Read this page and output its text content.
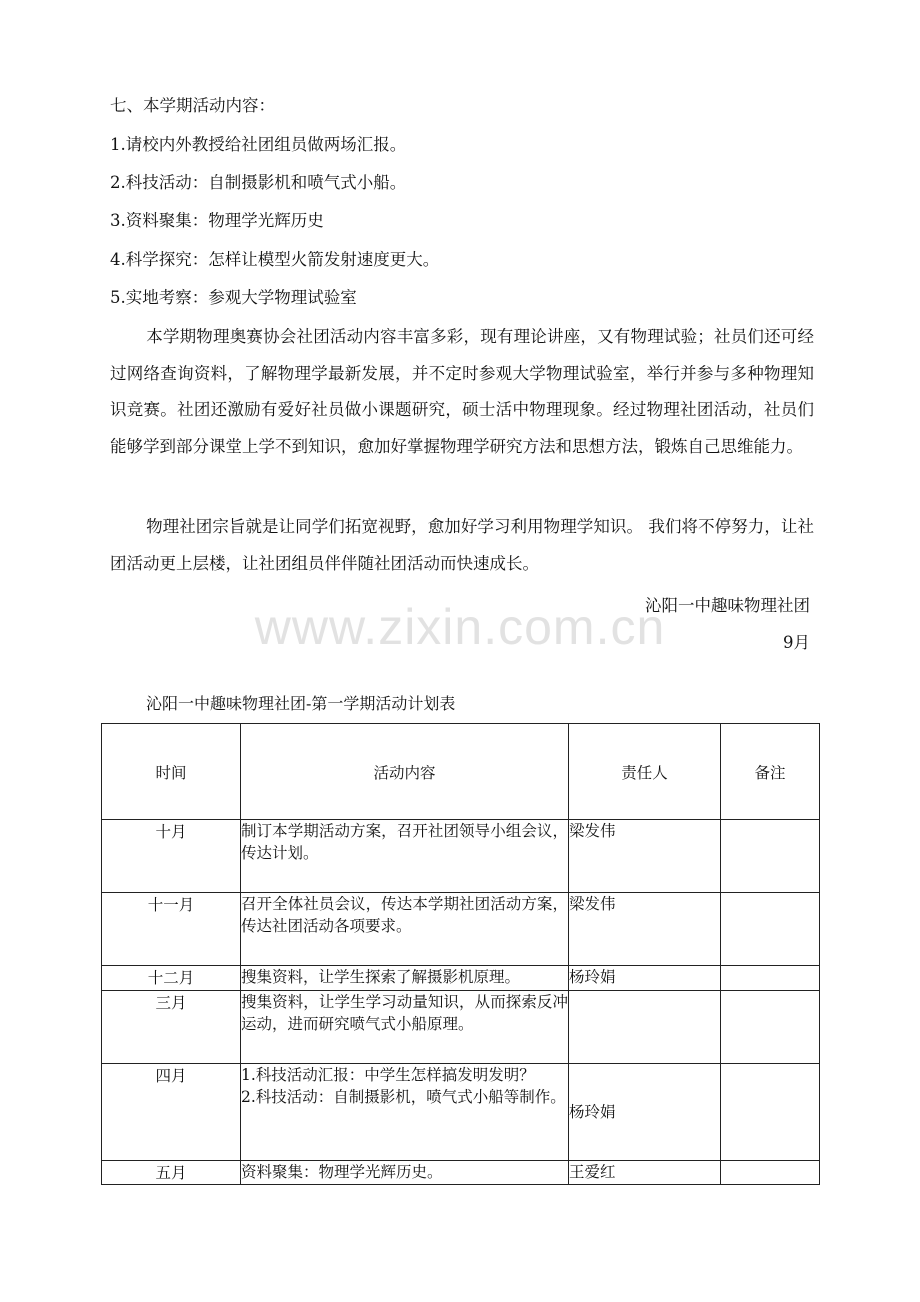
七、本学期活动内容：
1.请校内外教授给社团组员做两场汇报。
2.科技活动：自制摄影机和喷气式小船。
3.资料聚集：物理学光辉历史
4.科学探究：怎样让模型火箭发射速度更大。
5.实地考察：参观大学物理试验室
本学期物理奥赛协会社团活动内容丰富多彩，现有理论讲座，又有物理试验；社员们还可经过网络查询资料，了解物理学最新发展，并不定时参观大学物理试验室，举行并参与多种物理知识竞赛。社团还激励有爱好社员做小课题研究，硕士活中物理现象。经过物理社团活动，社员们能够学到部分课堂上学不到知识，愈加好掌握物理学研究方法和思想方法，锻炼自己思维能力。
物理社团宗旨就是让同学们拓宽视野，愈加好学习利用物理学知识。 我们将不停努力，让社团活动更上层楼，让社团组员伴伴随社团活动而快速成长。
沁阳一中趣味物理社团
9月
www.zixin.com.cn
沁阳一中趣味物理社团-第一学期活动计划表
时间	活动内容	责任人	备注
十月	制订本学期活动方案，召开社团领导小组会议，传达计划。	梁发伟	
十一月	召开全体社员会议，传达本学期社团活动方案，传达社团活动各项要求。	梁发伟	
十二月	搜集资料，让学生探索了解摄影机原理。	杨玲娟	
三月	搜集资料，让学生学习动量知识，从而探索反冲运动，进而研究喷气式小船原理。		
四月	1.科技活动汇报：中学生怎样搞发明发明？
2.科技活动：自制摄影机，喷气式小船等制作。	杨玲娟	
五月	资料聚集：物理学光辉历史。	王爱红	
